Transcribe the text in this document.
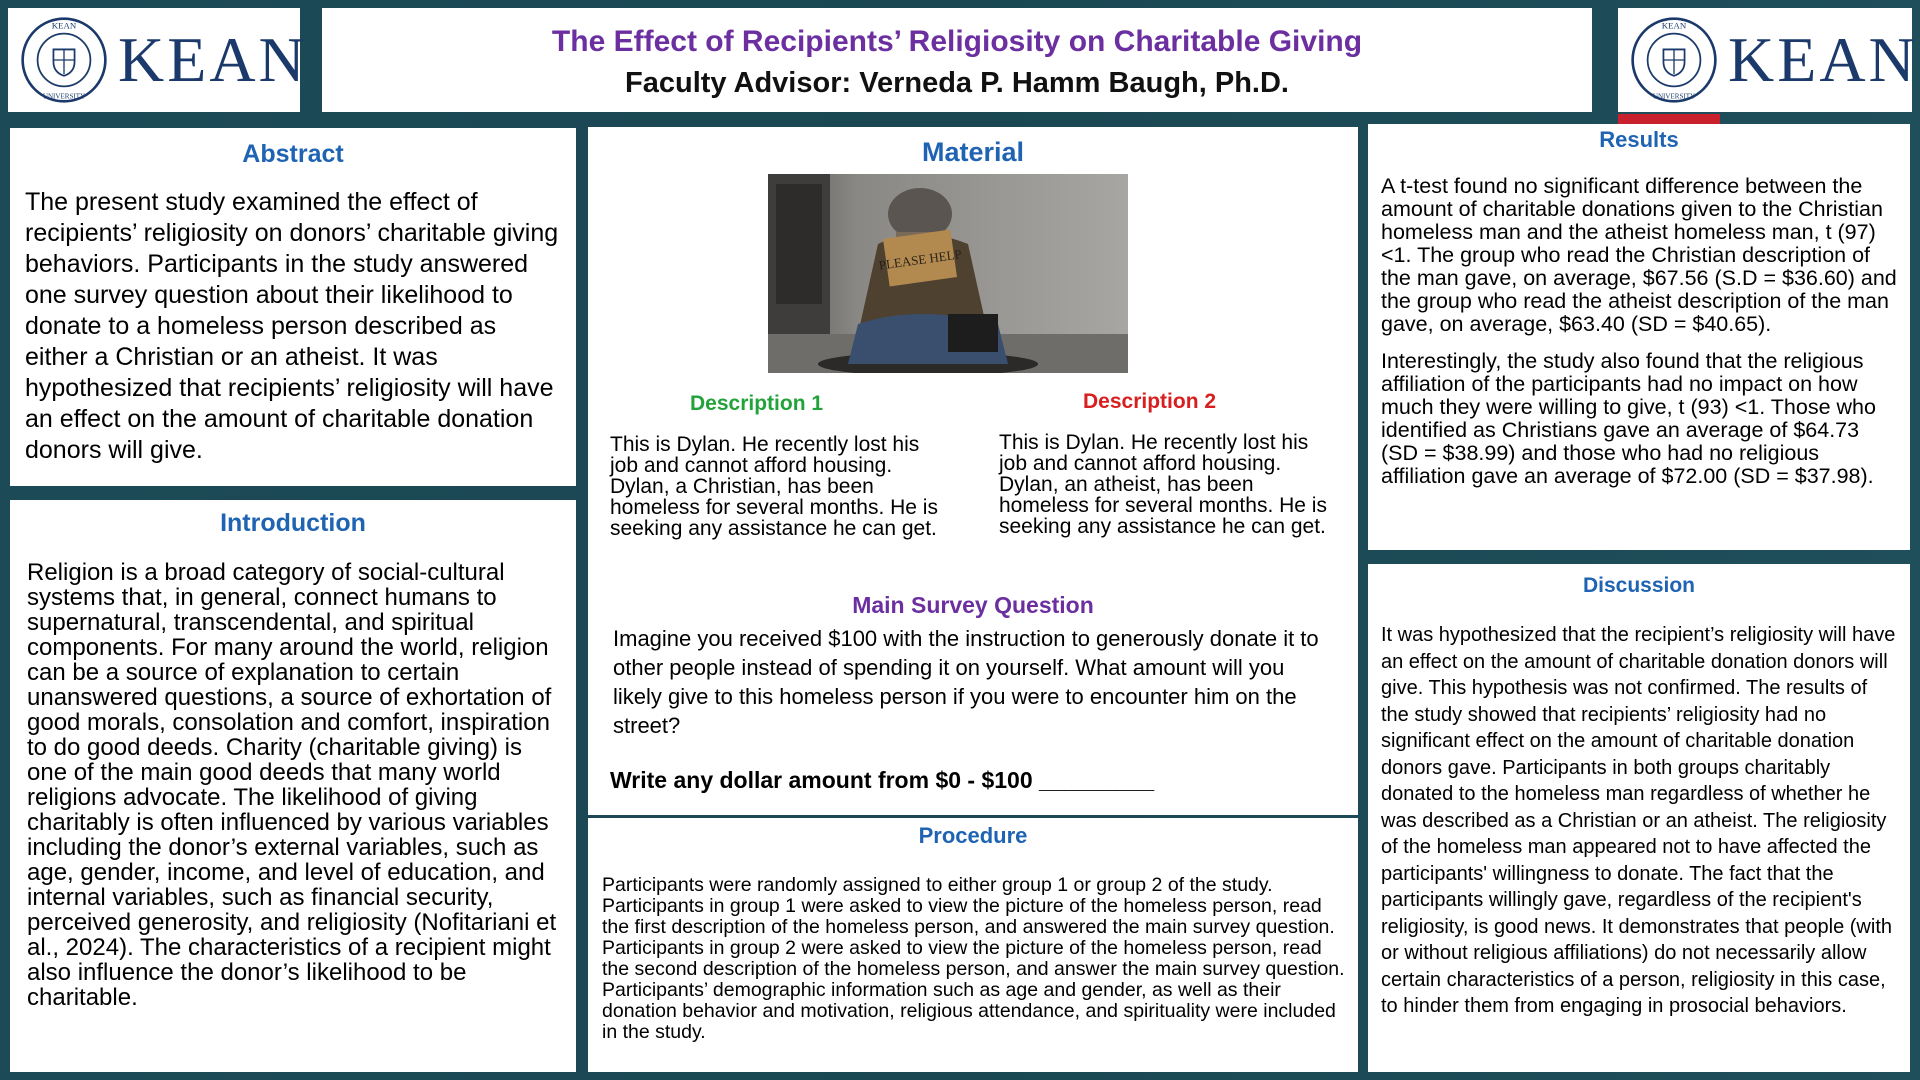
KEAN
UNIVERSITY
KEAN	The Effect of Recipients’ Religiosity on Charitable Giving
Faculty Advisor: Verneda P. Hamm Baugh, Ph.D.
KEAN
UNIVERSITY
KEAN
Abstract
The present study examined the effect of recipients’ religiosity on donors’ charitable giving behaviors. Participants in the study answered one survey question about their likelihood to donate to a homeless person described as either a Christian or an atheist. It was hypothesized that recipients’ religiosity will have an effect on the amount of charitable donation donors will give.
Introduction
Religion is a broad category of social-cultural systems that, in general, connect humans to supernatural, transcendental, and spiritual components. For many around the world, religion can be a source of explanation to certain unanswered questions, a source of exhortation of good morals, consolation and comfort, inspiration to do good deeds. Charity (charitable giving) is one of the main good deeds that many world religions advocate. The likelihood of giving charitably is often influenced by various variables including the donor’s external variables, such as age, gender, income, and level of education, and internal variables, such as financial security, perceived generosity, and religiosity (Nofitariani et al., 2024). The characteristics of a recipient might also influence the donor’s likelihood to be charitable.
Material
PLEASE HELP
Description 1
This is Dylan. He recently lost his job and cannot afford housing. Dylan, a Christian, has been homeless for several months. He is seeking any assistance he can get.
Description 2
This is Dylan. He recently lost his job and cannot afford housing. Dylan, an atheist, has been homeless for several months. He is seeking any assistance he can get.
Main Survey Question
Imagine you received $100 with the instruction to generously donate it to other people instead of spending it on yourself. What amount will you likely give to this homeless person if you were to encounter him on the street?
Write any dollar amount from $0 - $100 _________
Procedure
Participants were randomly assigned to either group 1 or group 2 of the study. Participants in group 1 were asked to view the picture of the homeless person, read the first description of the homeless person, and answered the main survey question. Participants in group 2 were asked to view the picture of the homeless person, read the second description of the homeless person, and answer the main survey question. Participants’ demographic information such as age and gender, as well as their donation behavior and motivation, religious attendance, and spirituality were included in the study.
Results

A t-test found no significant difference between the amount of charitable donations given to the Christian homeless man and the atheist homeless man, t (97) <1. The group who read the Christian description of the man gave, on average, $67.56 (S.D = $36.60) and the group who read the atheist description of the man gave, on average, $63.40 (SD = $40.65).

Interestingly, the study also found that the religious affiliation of the participants had no impact on how much they were willing to give, t (93) <1. Those who identified as Christians gave an average of $64.73 (SD = $38.99) and those who had no religious affiliation gave an average of $72.00 (SD = $37.98).

Discussion
It was hypothesized that the recipient’s religiosity will have an effect on the amount of charitable donation donors will give. This hypothesis was not confirmed. The results of the study showed that recipients’ religiosity had no significant effect on the amount of charitable donation donors gave. Participants in both groups charitably donated to the homeless man regardless of whether he was described as a Christian or an atheist. The religiosity of the homeless man appeared not to have affected the participants' willingness to donate. The fact that the participants willingly gave, regardless of the recipient's religiosity, is good news. It demonstrates that people (with or without religious affiliations) do not necessarily allow certain characteristics of a person, religiosity in this case, to hinder them from engaging in prosocial behaviors.
